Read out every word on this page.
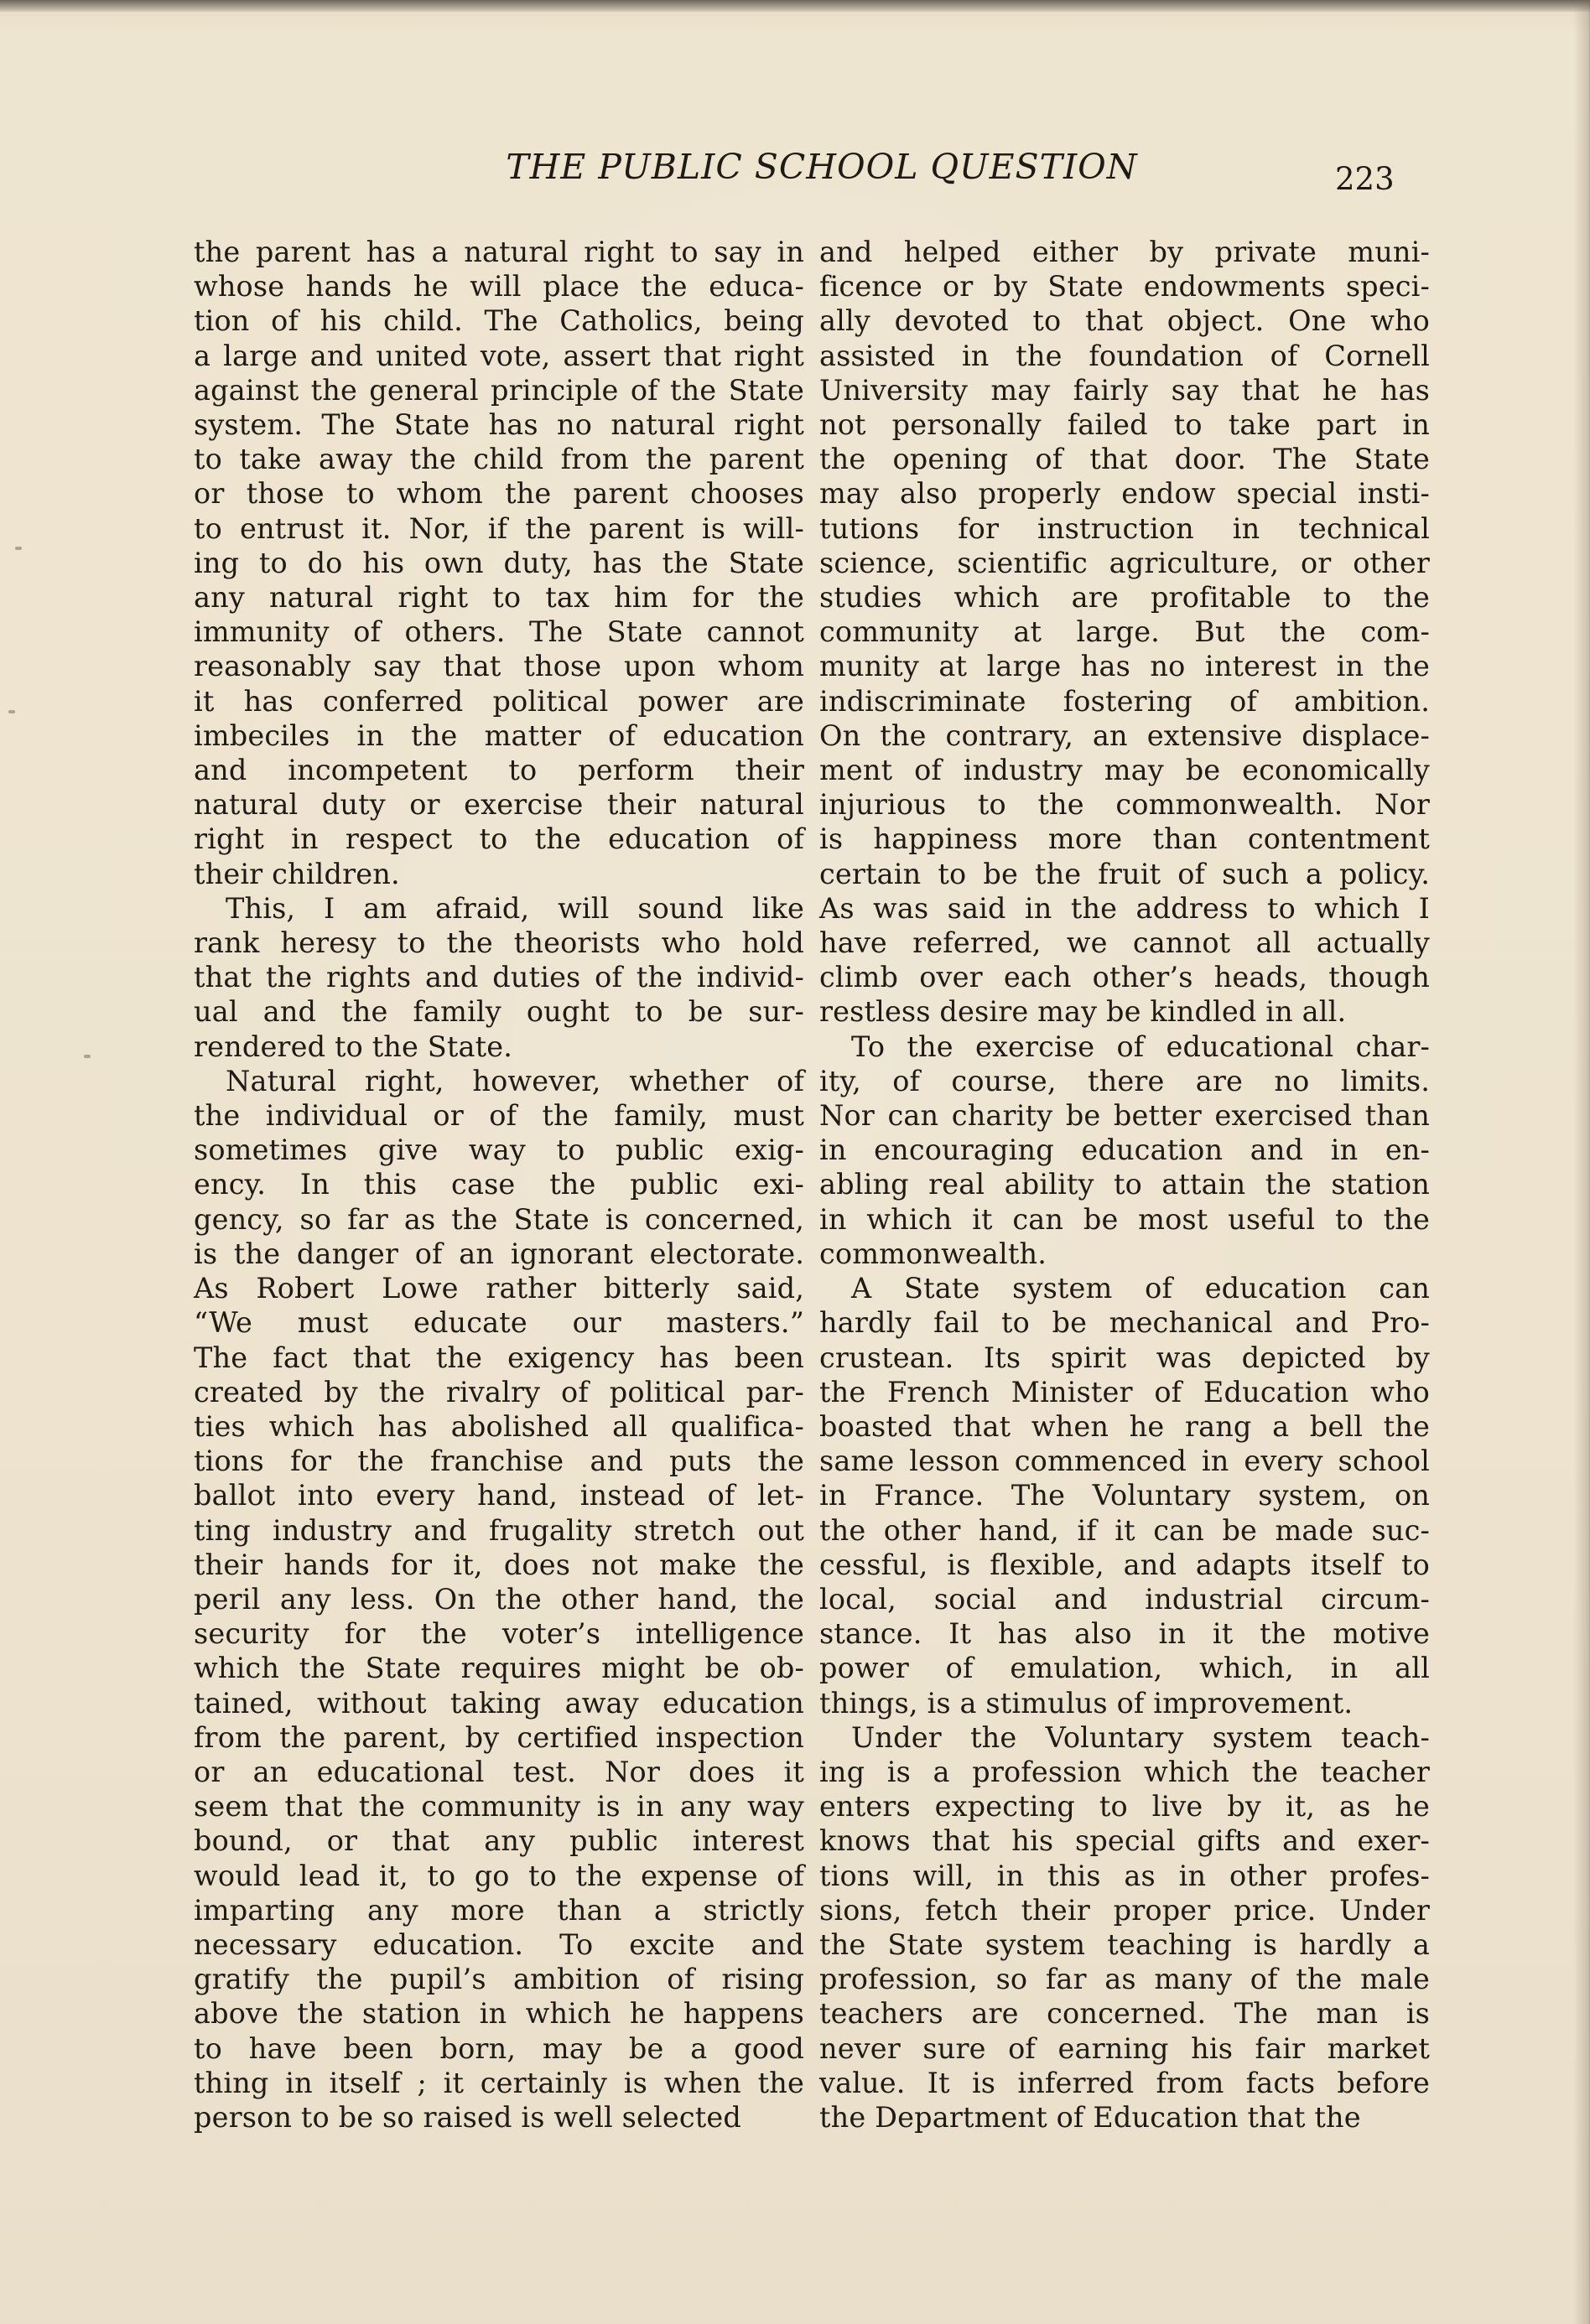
THE PUBLIC SCHOOL QUESTION	223
the parent has a natural right to say in
whose hands he will place the educa-
tion of his child. The Catholics, being
a large and united vote, assert that right
against the general principle of the State
system. The State has no natural right
to take away the child from the parent
or those to whom the parent chooses
to entrust it. Nor, if the parent is will-
ing to do his own duty, has the State
any natural right to tax him for the
immunity of others. The State cannot
reasonably say that those upon whom
it has conferred political power are
imbeciles in the matter of education
and incompetent to perform their
natural duty or exercise their natural
right in respect to the education of
their children.
This, I am afraid, will sound like
rank heresy to the theorists who hold
that the rights and duties of the individ-
ual and the family ought to be sur-
rendered to the State.
Natural right, however, whether of
the individual or of the family, must
sometimes give way to public exig-
ency. In this case the public exi-
gency, so far as the State is concerned,
is the danger of an ignorant electorate.
As Robert Lowe rather bitterly said,
“We must educate our masters.”
The fact that the exigency has been
created by the rivalry of political par-
ties which has abolished all qualifica-
tions for the franchise and puts the
ballot into every hand, instead of let-
ting industry and frugality stretch out
their hands for it, does not make the
peril any less. On the other hand, the
security for the voter’s intelligence
which the State requires might be ob-
tained, without taking away education
from the parent, by certified inspection
or an educational test. Nor does it
seem that the community is in any way
bound, or that any public interest
would lead it, to go to the expense of
imparting any more than a strictly
necessary education. To excite and
gratify the pupil’s ambition of rising
above the station in which he happens
to have been born, may be a good
thing in itself ; it certainly is when the
person to be so raised is well selected
and helped either by private muni-
ficence or by State endowments speci-
ally devoted to that object. One who
assisted in the foundation of Cornell
University may fairly say that he has
not personally failed to take part in
the opening of that door. The State
may also properly endow special insti-
tutions for instruction in technical
science, scientific agriculture, or other
studies which are profitable to the
community at large. But the com-
munity at large has no interest in the
indiscriminate fostering of ambition.
On the contrary, an extensive displace-
ment of industry may be economically
injurious to the commonwealth. Nor
is happiness more than contentment
certain to be the fruit of such a policy.
As was said in the address to which I
have referred, we cannot all actually
climb over each other’s heads, though
restless desire may be kindled in all.
To the exercise of educational char-
ity, of course, there are no limits.
Nor can charity be better exercised than
in encouraging education and in en-
abling real ability to attain the station
in which it can be most useful to the
commonwealth.
A State system of education can
hardly fail to be mechanical and Pro-
crustean. Its spirit was depicted by
the French Minister of Education who
boasted that when he rang a bell the
same lesson commenced in every school
in France. The Voluntary system, on
the other hand, if it can be made suc-
cessful, is flexible, and adapts itself to
local, social and industrial circum-
stance. It has also in it the motive
power of emulation, which, in all
things, is a stimulus of improvement.
Under the Voluntary system teach-
ing is a profession which the teacher
enters expecting to live by it, as he
knows that his special gifts and exer-
tions will, in this as in other profes-
sions, fetch their proper price. Under
the State system teaching is hardly a
profession, so far as many of the male
teachers are concerned. The man is
never sure of earning his fair market
value. It is inferred from facts before
the Department of Education that the
